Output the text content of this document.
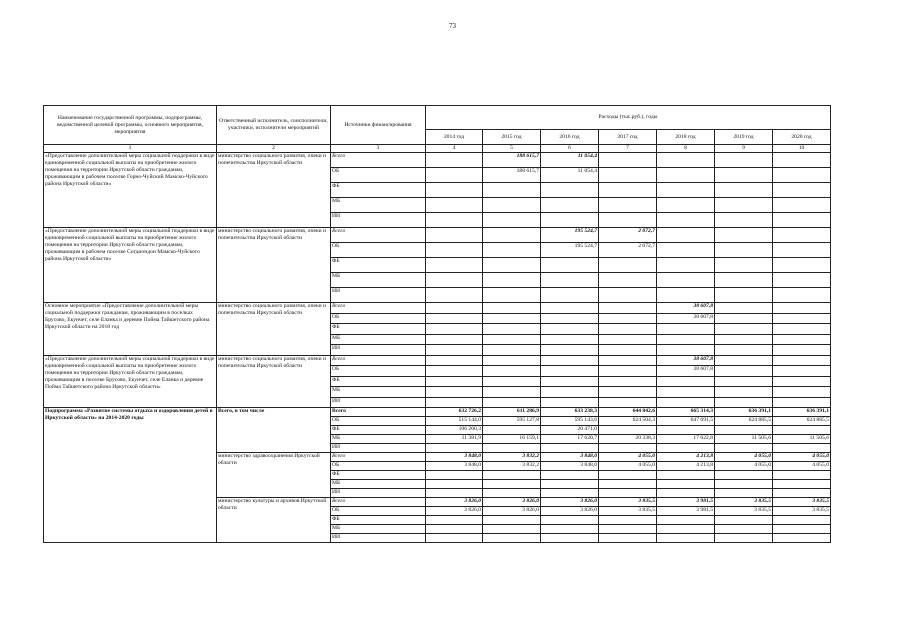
73
Наименование государственной программы, подпрограммы, ведомственной целевой программы, основного мероприятия, мероприятия	Ответственный исполнитель, соисполнители, участники, исполнители мероприятий	Источники финансирования	Расходы (тыс.руб.), годы						
			2014 год	2015 год	2016 год	2017 год	2018 год	2019 год	2020 год
1	2	3	4	5	6	7	8	9	10
«Предоставление дополнительной меры социальной поддержки в виде единовременной социальной выплаты на приобретение жилого помещения на территории Иркутской области гражданам, проживающим в рабочем поселке Горно-Чуйский Мамско-Чуйского района Иркутской области»	министерство социального развития, опеки и попечительства Иркутской области	Всего		188 615,7	11 054,4				
		ОБ		188 615,7	11 054,4				
		ФБ							
		МБ							
		ИИ							
«Предоставление дополнительной меры социальной поддержки в виде единовременной социальной выплаты на приобретение жилого помещения на территории Иркутской области гражданам, проживающим в рабочем поселке Согдиондон Мамско-Чуйского района Иркутской области»	министерство социального развития, опеки и попечительства Иркутской области	Всего			195 524,7	2 072,7			
		ОБ			195 524,7	2 072,7			
		ФБ							
		МБ							
		ИИ							
Основное мероприятие «Предоставление дополнительной меры социальной поддержки гражданам, проживающим в поселках Брусово, Екунчет, селе Еланка и деревне Пойма Тайшетского района Иркутской области на 2018 год	министерство социального развития, опеки и попечительства Иркутской области	Всего					38 607,8		
		ОБ					38 607,8		
		ФБ							
		МБ							
		ИИ							
«Предоставление дополнительной меры социальной поддержки в виде единовременной социальной выплаты на приобретение жилого помещения на территории Иркутской области гражданам, проживающим в поселке Брусово, Екунчет, селе Еланка и деревне Пойма Тайшетского района Иркутской области»	министерство социального развития, опеки и попечительства Иркутской области	Всего					38 607,8		
		ОБ					38 607,8		
		ФБ							
		МБ							
		ИИ							
Подпрограмма «Развитие системы отдыха и оздоровления детей в Иркутской области» на 2014-2020 годы	Всего, в том числе	Всего	632 726,2	611 286,9	633 238,3	644 842,6	665 314,3	636 391,1	636 391,1
		ОБ	515 144,0	595 127,8	595 143,6	624 504,3	647 691,5	624 885,5	624 885,5
		ФБ	106 200,3		20 471,0				
		МБ	11 381,9	16 159,1	17 620,7	20 338,3	17 622,8	11 505,6	11 505,6
		ИИ							
	министерство здравоохранения Иркутской области	Всего	3 848,0	3 832,2	3 848,0	4 055,0	4 213,8	4 055,0	4 055,0
		ОБ	3 848,0	3 832,2	3 848,0	4 055,0	4 213,8	4 055,0	4 055,0
		ФБ							
		МБ							
		ИИ							
	министерство культуры и архивов Иркутской области	Всего	3 826,0	3 826,0	3 826,0	3 835,5	3 981,5	3 835,5	3 835,5
		ОБ	3 826,0	3 826,0	3 826,0	3 835,5	3 981,5	3 835,5	3 835,5
		ФБ							
		МБ							
		ИИ							
